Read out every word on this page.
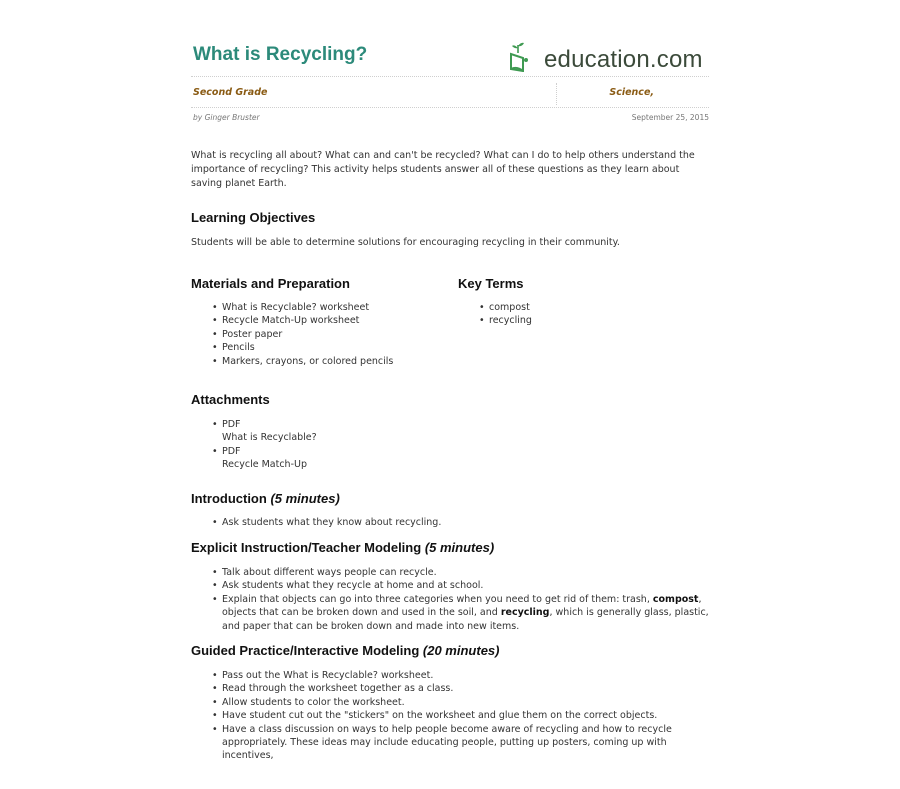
What is Recycling?	education.com
Second Grade	Science,
by Ginger Bruster	September 25, 2015

What is recycling all about? What can and can't be recycled? What can I do to help others understand the importance of recycling? This activity helps students answer all of these questions as they learn about saving planet Earth.

Learning Objectives

Students will be able to determine solutions for encouraging recycling in their community.

Materials and Preparation
• What is Recyclable? worksheet
• Recycle Match-Up worksheet
• Poster paper
• Pencils
• Markers, crayons, or colored pencils
Key Terms
• compost
• recycling
Attachments
• PDF
What is Recyclable?
• PDF
Recycle Match-Up
Introduction (5 minutes)
• Ask students what they know about recycling.
Explicit Instruction/Teacher Modeling (5 minutes)
• Talk about different ways people can recycle.
• Ask students what they recycle at home and at school.
• Explain that objects can go into three categories when you need to get rid of them: trash, compost, objects that can be broken down and used in the soil, and recycling, which is generally glass, plastic, and paper that can be broken down and made into new items.
Guided Practice/Interactive Modeling (20 minutes)
• Pass out the What is Recyclable? worksheet.
• Read through the worksheet together as a class.
• Allow students to color the worksheet.
• Have student cut out the "stickers" on the worksheet and glue them on the correct objects.
• Have a class discussion on ways to help people become aware of recycling and how to recycle appropriately. These ideas may include educating people, putting up posters, coming up with incentives,
